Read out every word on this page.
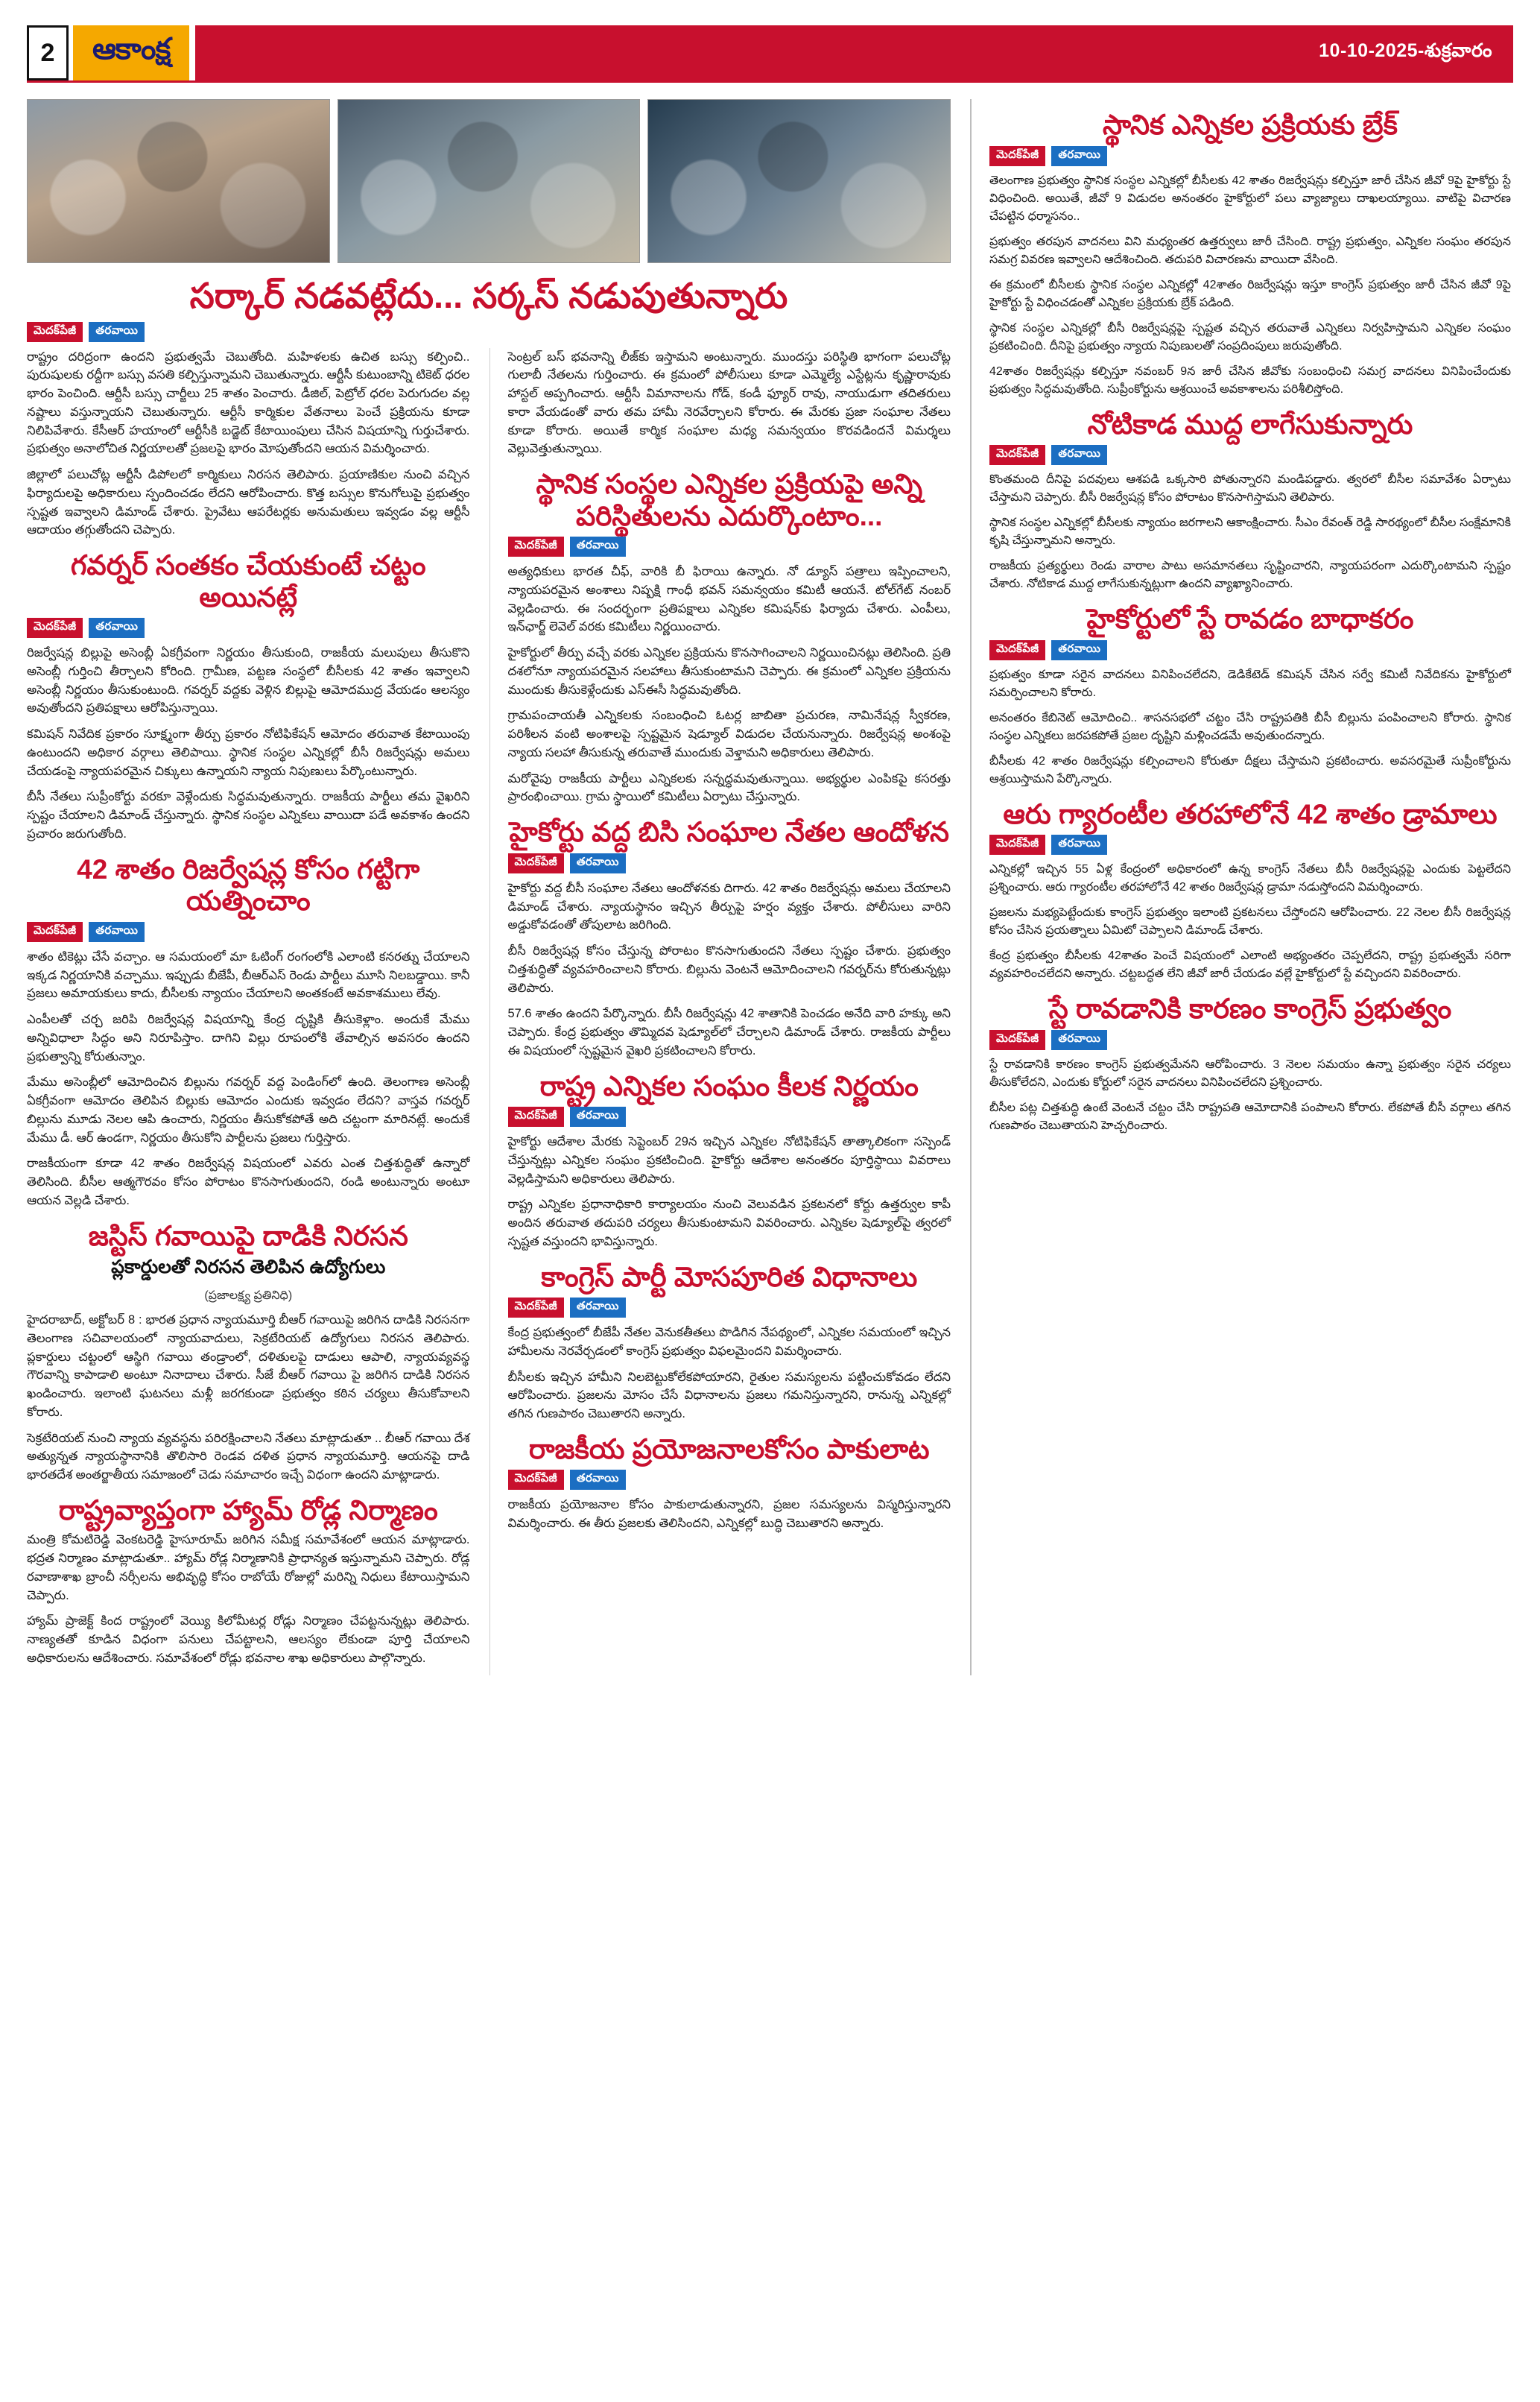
2	ఆకాంక్ష	10-10-2025-శుక్రవారం
సర్కార్ నడవట్లేదు... సర్కస్ నడుపుతున్నారు
మెదక్‌పేజీ	తరవాయి

రాష్ట్రం దరిద్రంగా ఉందని ప్రభుత్వమే చెబుతోంది. మహిళలకు ఉచిత బస్సు కల్పించి.. పురుషులకు రద్దీగా బస్సు వసతి కల్పిస్తున్నామని చెబుతున్నారు. ఆర్టీసీ కుటుంబాన్ని టికెట్ ధరల భారం పెంచింది. ఆర్టీసీ బస్సు చార్జీలు 25 శాతం పెంచారు. డీజిల్, పెట్రోల్ ధరల పెరుగుదల వల్ల నష్టాలు వస్తున్నాయని చెబుతున్నారు. ఆర్టీసీ కార్మికుల వేతనాలు పెంచే ప్రక్రియను కూడా నిలిపివేశారు. కేసీఆర్ హయాంలో ఆర్టీసీకి బడ్జెట్ కేటాయింపులు చేసిన విషయాన్ని గుర్తుచేశారు. ప్రభుత్వం అనాలోచిత నిర్ణయాలతో ప్రజలపై భారం మోపుతోందని ఆయన విమర్శించారు.

జిల్లాలో పలుచోట్ల ఆర్టీసీ డిపోలలో కార్మికులు నిరసన తెలిపారు. ప్రయాణికుల నుంచి వచ్చిన ఫిర్యాదులపై అధికారులు స్పందించడం లేదని ఆరోపించారు. కొత్త బస్సుల కొనుగోలుపై ప్రభుత్వం స్పష్టత ఇవ్వాలని డిమాండ్ చేశారు. ప్రైవేటు ఆపరేటర్లకు అనుమతులు ఇవ్వడం వల్ల ఆర్టీసీ ఆదాయం తగ్గుతోందని చెప్పారు.

గవర్నర్ సంతకం చేయకుంటే చట్టం అయినట్లే
మెదక్‌పేజీ	తరవాయి

రిజర్వేషన్ల బిల్లుపై అసెంబ్లీ ఏకగ్రీవంగా నిర్ణయం తీసుకుంది, రాజకీయ మలుపులు తీసుకొని అసెంబ్లీ గుర్తించి తీర్చాలని కోరింది. గ్రామీణ, పట్టణ సంస్థలో బీసీలకు 42 శాతం ఇవ్వాలని అసెంబ్లీ నిర్ణయం తీసుకుంటుంది. గవర్నర్ వద్దకు వెళ్లిన బిల్లుపై ఆమోదముద్ర వేయడం ఆలస్యం అవుతోందని ప్రతిపక్షాలు ఆరోపిస్తున్నాయి.

కమిషన్ నివేదిక ప్రకారం సూక్ష్మంగా తీర్పు ప్రకారం నోటిఫికేషన్ ఆమోదం తరువాత కేటాయింపు ఉంటుందని అధికార వర్గాలు తెలిపాయి. స్థానిక సంస్థల ఎన్నికల్లో బీసీ రిజర్వేషన్లు అమలు చేయడంపై న్యాయపరమైన చిక్కులు ఉన్నాయని న్యాయ నిపుణులు పేర్కొంటున్నారు.

బీసీ నేతలు సుప్రీంకోర్టు వరకూ వెళ్లేందుకు సిద్ధమవుతున్నారు. రాజకీయ పార్టీలు తమ వైఖరిని స్పష్టం చేయాలని డిమాండ్ చేస్తున్నారు. స్థానిక సంస్థల ఎన్నికలు వాయిదా పడే అవకాశం ఉందని ప్రచారం జరుగుతోంది.

42 శాతం రిజర్వేషన్ల కోసం గట్టిగా యత్నించాం
మెదక్‌పేజీ	తరవాయి

శాతం టికెట్లు చేసే వచ్చాం. ఆ సమయంలో మా ఓటింగ్ రంగంలోకి ఎలాంటి కనరత్ను చేయాలని ఇక్కడ నిర్ణయానికి వచ్చాము. ఇప్పుడు బీజేపీ, బీఆర్ఎస్ రెండు పార్టీలు మూసి నిలబడ్డాయి. కానీ ప్రజలు అమాయకులు కాదు, బీసీలకు న్యాయం చేయాలని అంతకంటే అవకాశములు లేవు.

ఎంపీలతో చర్చ జరిపి రిజర్వేషన్ల విషయాన్ని కేంద్ర దృష్టికి తీసుకెళ్లాం. అందుకే మేము అన్నివిధాలా సిద్ధం అని నిరూపిస్తాం. దాగిని విల్లు రూపంలోకి తేవాల్సిన అవసరం ఉందని ప్రభుత్వాన్ని కోరుతున్నాం.

మేము అసెంబ్లీలో ఆమోదించిన బిల్లును గవర్నర్ వద్ద పెండింగ్‌లో ఉంది. తెలంగాణ అసెంబ్లీ ఏకగ్రీవంగా ఆమోదం తెలిపిన బిల్లుకు ఆమోదం ఎందుకు ఇవ్వడం లేదని? వాస్తవ గవర్నర్ బిల్లును మూడు నెలల ఆపి ఉంచారు, నిర్ణయం తీసుకోకపోతే అది చట్టంగా మారినట్లే. అందుకే మేము డీ. ఆర్ ఉండగా, నిర్ణయం తీసుకోని పార్టీలను ప్రజలు గుర్తిస్తారు.

రాజకీయంగా కూడా 42 శాతం రిజర్వేషన్ల విషయంలో ఎవరు ఎంత చిత్తశుద్ధితో ఉన్నారో తెలిసింది. బీసీల ఆత్మగౌరవం కోసం పోరాటం కొనసాగుతుందని, రండి అంటున్నారు అంటూ ఆయన వెల్లడి చేశారు.

జస్టిస్ గవాయిపై దాడికి నిరసన
ప్లకార్డులతో నిరసన తెలిపిన ఉద్యోగులు
(ప్రజాలక్ష్య ప్రతినిధి)

హైదరాబాద్, అక్టోబర్ 8 : భారత ప్రధాన న్యాయమూర్తి బీఆర్ గవాయిపై జరిగిన దాడికి నిరసనగా తెలంగాణ సచివాలయంలో న్యాయవాదులు, సెక్రటేరియట్ ఉద్యోగులు నిరసన తెలిపారు. ప్లకార్డులు చట్టంలో ఆస్థిగి గవాయి తండ్రాంలో, దళితులపై దాడులు ఆపాలి, న్యాయవ్యవస్థ గౌరవాన్ని కాపాడాలి అంటూ నినాదాలు చేశారు. సీజే బీఆర్ గవాయి పై జరిగిన దాడికి నిరసన ఖండించారు. ఇలాంటి ఘటనలు మళ్లీ జరగకుండా ప్రభుత్వం కఠిన చర్యలు తీసుకోవాలని కోరారు.

సెక్రటేరియట్ నుంచి న్యాయ వ్యవస్థను పరిరక్షించాలని నేతలు మాట్లాడుతూ .. బీఆర్ గవాయి దేశ అత్యున్నత న్యాయస్థానానికి తొలిసారి రెండవ దళిత ప్రధాన న్యాయమూర్తి. ఆయనపై దాడి భారతదేశ అంతర్జాతీయ సమాజంలో చెడు సమాచారం ఇచ్చే విధంగా ఉందని మాట్లాడారు.

రాష్ట్రవ్యాప్తంగా హ్యామ్ రోడ్ల నిర్మాణం

మంత్రి కోమటిరెడ్డి వెంకటరెడ్డి హైసూరూమ్ జరిగిన సమీక్ష సమావేశంలో ఆయన మాట్లాడారు. భద్రత నిర్మాణం మాట్లాడుతూ.. హ్యామ్ రోడ్ల నిర్మాణానికి ప్రాధాన్యత ఇస్తున్నామని చెప్పారు. రోడ్ల రవాణాశాఖ బ్రాంచీ నర్సీలను అభివృద్ధి కోసం రాబోయే రోజుల్లో మరిన్ని నిధులు కేటాయిస్తామని చెప్పారు.

హ్యామ్ ప్రాజెక్ట్ కింద రాష్ట్రంలో వెయ్యి కిలోమీటర్ల రోడ్లు నిర్మాణం చేపట్టనున్నట్లు తెలిపారు. నాణ్యతతో కూడిన విధంగా పనులు చేపట్టాలని, ఆలస్యం లేకుండా పూర్తి చేయాలని అధికారులను ఆదేశించారు. సమావేశంలో రోడ్లు భవనాల శాఖ అధికారులు పాల్గొన్నారు.

సెంట్రల్ బస్ భవనాన్ని లీజ్‌కు ఇస్తామని అంటున్నారు. ముందస్తు పరిస్థితి భాగంగా పలుచోట్ల గులాబీ నేతలను గుర్తించారు. ఈ క్రమంలో పోలీసులు కూడా ఎమ్మెల్యే ఎస్టేట్లను కృష్ణారావుకు హాస్టల్ అప్పగించారు. ఆర్టీసీ విమానాలను గోడ్, కండీ ఫ్యూర్ రావు, నాయుడుగా తదితరులు కారా వేయడంతో వారు తమ హామీ నెరవేర్చాలని కోరారు. ఈ మేరకు ప్రజా సంఘాల నేతలు కూడా కోరారు. అయితే కార్మిక సంఘాల మధ్య సమన్వయం కొరవడిందనే విమర్శలు వెల్లువెత్తుతున్నాయి.

స్థానిక సంస్థల ఎన్నికల ప్రక్రియపై అన్ని పరిస్థితులను ఎదుర్కొంటాం...
మెదక్‌పేజీ	తరవాయి

అత్యధికులు భారత చీఫ్, వారికి బీ ఫిరాయి ఉన్నారు. నో డ్యూస్ పత్రాలు ఇప్పించాలని, న్యాయపరమైన అంశాలు నిష్పక్షి గాంధీ భవన్ సమన్వయం కమిటీ ఆయనే. టోల్‌గేట్ నంబర్ వెల్లడించారు. ఈ సందర్భంగా ప్రతిపక్షాలు ఎన్నికల కమిషన్‌కు ఫిర్యాదు చేశారు. ఎంపీలు, ఇన్‌ఛార్జ్ లెవెల్ వరకు కమిటీలు నిర్ణయించారు.

హైకోర్టులో తీర్పు వచ్చే వరకు ఎన్నికల ప్రక్రియను కొనసాగించాలని నిర్ణయించినట్లు తెలిసింది. ప్రతి దశలోనూ న్యాయపరమైన సలహాలు తీసుకుంటామని చెప్పారు. ఈ క్రమంలో ఎన్నికల ప్రక్రియను ముందుకు తీసుకెళ్లేందుకు ఎస్ఈసీ సిద్ధమవుతోంది.

గ్రామపంచాయతీ ఎన్నికలకు సంబంధించి ఓటర్ల జాబితా ప్రచురణ, నామినేషన్ల స్వీకరణ, పరిశీలన వంటి అంశాలపై స్పష్టమైన షెడ్యూల్ విడుదల చేయనున్నారు. రిజర్వేషన్ల అంశంపై న్యాయ సలహా తీసుకున్న తరువాతే ముందుకు వెళ్తామని అధికారులు తెలిపారు.

మరోవైపు రాజకీయ పార్టీలు ఎన్నికలకు సన్నద్ధమవుతున్నాయి. అభ్యర్థుల ఎంపికపై కసరత్తు ప్రారంభించాయి. గ్రామ స్థాయిలో కమిటీలు ఏర్పాటు చేస్తున్నారు.

హైకోర్టు వద్ద బిసి సంఘాల నేతల ఆందోళన
మెదక్‌పేజీ	తరవాయి

హైకోర్టు వద్ద బీసీ సంఘాల నేతలు ఆందోళనకు దిగారు. 42 శాతం రిజర్వేషన్లు అమలు చేయాలని డిమాండ్ చేశారు. న్యాయస్థానం ఇచ్చిన తీర్పుపై హర్షం వ్యక్తం చేశారు. పోలీసులు వారిని అడ్డుకోవడంతో తోపులాట జరిగింది.

బీసీ రిజర్వేషన్ల కోసం చేస్తున్న పోరాటం కొనసాగుతుందని నేతలు స్పష్టం చేశారు. ప్రభుత్వం చిత్తశుద్ధితో వ్యవహరించాలని కోరారు. బిల్లును వెంటనే ఆమోదించాలని గవర్నర్‌ను కోరుతున్నట్లు తెలిపారు.

57.6 శాతం ఉందని పేర్కొన్నారు. బీసీ రిజర్వేషన్లు 42 శాతానికి పెంచడం అనేది వారి హక్కు అని చెప్పారు. కేంద్ర ప్రభుత్వం తొమ్మిదవ షెడ్యూల్‌లో చేర్చాలని డిమాండ్ చేశారు. రాజకీయ పార్టీలు ఈ విషయంలో స్పష్టమైన వైఖరి ప్రకటించాలని కోరారు.

రాష్ట్ర ఎన్నికల సంఘం కీలక నిర్ణయం
మెదక్‌పేజీ	తరవాయి

హైకోర్టు ఆదేశాల మేరకు సెప్టెంబర్ 29న ఇచ్చిన ఎన్నికల నోటిఫికేషన్ తాత్కాలికంగా సస్పెండ్ చేస్తున్నట్లు ఎన్నికల సంఘం ప్రకటించింది. హైకోర్టు ఆదేశాల అనంతరం పూర్తిస్థాయి వివరాలు వెల్లడిస్తామని అధికారులు తెలిపారు.

రాష్ట్ర ఎన్నికల ప్రధానాధికారి కార్యాలయం నుంచి వెలువడిన ప్రకటనలో కోర్టు ఉత్తర్వుల కాపీ అందిన తరువాత తదుపరి చర్యలు తీసుకుంటామని వివరించారు. ఎన్నికల షెడ్యూల్‌పై త్వరలో స్పష్టత వస్తుందని భావిస్తున్నారు.

కాంగ్రెస్ పార్టీ మోసపూరిత విధానాలు
మెదక్‌పేజీ	తరవాయి

కేంద్ర ప్రభుత్వంలో బీజేపీ నేతల వెనుకతీతలు పొడిగిన నేపథ్యంలో, ఎన్నికల సమయంలో ఇచ్చిన హామీలను నెరవేర్చడంలో కాంగ్రెస్ ప్రభుత్వం విఫలమైందని విమర్శించారు.

బీసీలకు ఇచ్చిన హామీని నిలబెట్టుకోలేకపోయారని, రైతుల సమస్యలను పట్టించుకోవడం లేదని ఆరోపించారు. ప్రజలను మోసం చేసే విధానాలను ప్రజలు గమనిస్తున్నారని, రానున్న ఎన్నికల్లో తగిన గుణపాఠం చెబుతారని అన్నారు.

రాజకీయ ప్రయోజనాలకోసం పాకులాట
మెదక్‌పేజీ	తరవాయి

రాజకీయ ప్రయోజనాల కోసం పాకులాడుతున్నారని, ప్రజల సమస్యలను విస్మరిస్తున్నారని విమర్శించారు. ఈ తీరు ప్రజలకు తెలిసిందని, ఎన్నికల్లో బుద్ధి చెబుతారని అన్నారు.

స్థానిక ఎన్నికల ప్రక్రియకు బ్రేక్
మెదక్‌పేజీ	తరవాయి

తెలంగాణ ప్రభుత్వం స్థానిక సంస్థల ఎన్నికల్లో బీసీలకు 42 శాతం రిజర్వేషన్లు కల్పిస్తూ జారీ చేసిన జీవో 9పై హైకోర్టు స్టే విధించింది. అయితే, జీవో 9 విడుదల అనంతరం హైకోర్టులో పలు వ్యాజ్యాలు దాఖలయ్యాయి. వాటిపై విచారణ చేపట్టిన ధర్మాసనం..

ప్రభుత్వం తరపున వాదనలు విని మధ్యంతర ఉత్తర్వులు జారీ చేసింది. రాష్ట్ర ప్రభుత్వం, ఎన్నికల సంఘం తరపున సమగ్ర వివరణ ఇవ్వాలని ఆదేశించింది. తదుపరి విచారణను వాయిదా వేసింది.

ఈ క్రమంలో బీసీలకు స్థానిక సంస్థల ఎన్నికల్లో 42శాతం రిజర్వేషన్లు ఇస్తూ కాంగ్రెస్ ప్రభుత్వం జారీ చేసిన జీవో 9పై హైకోర్టు స్టే విధించడంతో ఎన్నికల ప్రక్రియకు బ్రేక్ పడింది.

స్థానిక సంస్థల ఎన్నికల్లో బీసీ రిజర్వేషన్లపై స్పష్టత వచ్చిన తరువాతే ఎన్నికలు నిర్వహిస్తామని ఎన్నికల సంఘం ప్రకటించింది. దీనిపై ప్రభుత్వం న్యాయ నిపుణులతో సంప్రదింపులు జరుపుతోంది.

42శాతం రిజర్వేషన్లు కల్పిస్తూ నవంబర్ 9న జారీ చేసిన జీవోకు సంబంధించి సమగ్ర వాదనలు వినిపించేందుకు ప్రభుత్వం సిద్ధమవుతోంది. సుప్రీంకోర్టును ఆశ్రయించే అవకాశాలను పరిశీలిస్తోంది.

నోటికాడ ముద్ద లాగేసుకున్నారు
మెదక్‌పేజీ	తరవాయి

కొంతమంది దీనిపై పదవులు ఆశపడి ఒక్కసారి పోతున్నారని మండిపడ్డారు. త్వరలో బీసీల సమావేశం ఏర్పాటు చేస్తామని చెప్పారు. బీసీ రిజర్వేషన్ల కోసం పోరాటం కొనసాగిస్తామని తెలిపారు.

స్థానిక సంస్థల ఎన్నికల్లో బీసీలకు న్యాయం జరగాలని ఆకాంక్షించారు. సీఎం రేవంత్ రెడ్డి సారథ్యంలో బీసీల సంక్షేమానికి కృషి చేస్తున్నామని అన్నారు.

రాజకీయ ప్రత్యర్థులు రెండు వారాల పాటు అసమానతలు సృష్టించారని, న్యాయపరంగా ఎదుర్కొంటామని స్పష్టం చేశారు. నోటికాడ ముద్ద లాగేసుకున్నట్లుగా ఉందని వ్యాఖ్యానించారు.

హైకోర్టులో స్టే రావడం బాధాకరం
మెదక్‌పేజీ	తరవాయి

ప్రభుత్వం కూడా సరైన వాదనలు వినిపించలేదని, డెడికేటెడ్ కమిషన్ చేసిన సర్వే కమిటీ నివేదికను హైకోర్టులో సమర్పించాలని కోరారు.

అనంతరం కేబినెట్ ఆమోదించి.. శాసనసభలో చట్టం చేసి రాష్ట్రపతికి బీసీ బిల్లును పంపించాలని కోరారు. స్థానిక సంస్థల ఎన్నికలు జరపకపోతే ప్రజల దృష్టిని మళ్లించడమే అవుతుందన్నారు.

బీసీలకు 42 శాతం రిజర్వేషన్లు కల్పించాలని కోరుతూ దీక్షలు చేస్తామని ప్రకటించారు. అవసరమైతే సుప్రీంకోర్టును ఆశ్రయిస్తామని పేర్కొన్నారు.

ఆరు గ్యారంటీల తరహాలోనే 42 శాతం డ్రామాలు
మెదక్‌పేజీ	తరవాయి

ఎన్నికల్లో ఇచ్చిన 55 ఏళ్ల కేంద్రంలో అధికారంలో ఉన్న కాంగ్రెస్ నేతలు బీసీ రిజర్వేషన్లపై ఎందుకు పెట్టలేదని ప్రశ్నించారు. ఆరు గ్యారంటీల తరహాలోనే 42 శాతం రిజర్వేషన్ల డ్రామా నడుస్తోందని విమర్శించారు.

ప్రజలను మభ్యపెట్టేందుకు కాంగ్రెస్ ప్రభుత్వం ఇలాంటి ప్రకటనలు చేస్తోందని ఆరోపించారు. 22 నెలల బీసీ రిజర్వేషన్ల కోసం చేసిన ప్రయత్నాలు ఏమిటో చెప్పాలని డిమాండ్ చేశారు.

కేంద్ర ప్రభుత్వం బీసీలకు 42శాతం పెంచే విషయంలో ఎలాంటి అభ్యంతరం చెప్పలేదని, రాష్ట్ర ప్రభుత్వమే సరిగా వ్యవహరించలేదని అన్నారు. చట్టబద్ధత లేని జీవో జారీ చేయడం వల్లే హైకోర్టులో స్టే వచ్చిందని వివరించారు.

స్టే రావడానికి కారణం కాంగ్రెస్ ప్రభుత్వం
మెదక్‌పేజీ	తరవాయి

స్టే రావడానికి కారణం కాంగ్రెస్ ప్రభుత్వమేనని ఆరోపించారు. 3 నెలల సమయం ఉన్నా ప్రభుత్వం సరైన చర్యలు తీసుకోలేదని, ఎందుకు కోర్టులో సరైన వాదనలు వినిపించలేదని ప్రశ్నించారు.

బీసీల పట్ల చిత్తశుద్ధి ఉంటే వెంటనే చట్టం చేసి రాష్ట్రపతి ఆమోదానికి పంపాలని కోరారు. లేకపోతే బీసీ వర్గాలు తగిన గుణపాఠం చెబుతాయని హెచ్చరించారు.
